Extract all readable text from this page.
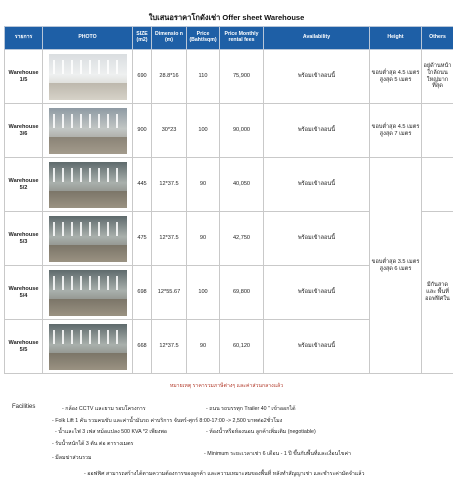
ใบเสนอราคาโกดังเช่า Offer sheet Warehouse
รายการ	PHOTO	SIZE (m2)	Dimensio n (m)	Price (Baht/sqm)	Price Monthly rental fees	Availability	Height	Others
Warehouse 1/5		690	28.8*16	110	75,900	พร้อมเข้าลอนนี้	ขอบต่ำสุด 4.5 เมตร สูงสุด 5 เมตร	อยู่ด้านหน้า ใกล้ถนน ใหญ่มาก ที่สุด
Warehouse 3/6		900	30*23	100	90,000	พร้อมเข้าลอนนี้	ขอบต่ำสุด 4.5 เมตร สูงสุด 7 เมตร	
Warehouse 5/2		445	12*37.5	90	40,050	พร้อมเข้าลอนนี้	ขอบต่ำสุด 3.5 เมตร สูงสุด 6 เมตร	
Warehouse 5/3		475	12*37.5	90	42,750	พร้อมเข้าลอนนี้		มีกันสาด และ พื้นที่ ออฟฟิศใน
Warehouse 5/4		698	12*55.67	100	69,800	พร้อมเข้าลอนนี้		
Warehouse 5/5		668	12*37.5	90	60,120	พร้อมเข้าลอนนี้		
หมายเหตุ ราคารวมภาษีต่างๆ และค่าส่วนกลางแล้ว
Facilities	- กล้อง CCTV และยาม รอบโครงการ	- ถนน รถบรรทุก Trailer 40 " เข้าออกได้
- Folk Lift 1 คัน รวมคนขับ และค่าน้ำมันรถ ค่าบริการ จันทร์-ศุกร์ 8:00-17:00 -> 2,500 บาทต่อ2ชั่วโมง
- น้ำและไฟ 3 เฟส หม้อแปลง 500 KVA *2 เพียงพอ	- ห้องน้ำหรือห้องนอน ลูกค้าเพิ่มเติม (negotiable)
- รับน้ำหนักได้ 3 ตัน ต่อ ตารางเมตร
- Minimum ระยะเวลาเช่า 6 เดือน - 1 ปี ขึ้นกับพื้นที่และเงื่อนไขค่า
- มีลมฆ่าส่วนรวม
- ออฟฟิศ สามารถสร้างได้ตามความต้องการของลูกค้า และความเหมาะสมของพื้นที่ หลังทำสัญญาเช่า และชำระค่ามัดจำแล้ว
